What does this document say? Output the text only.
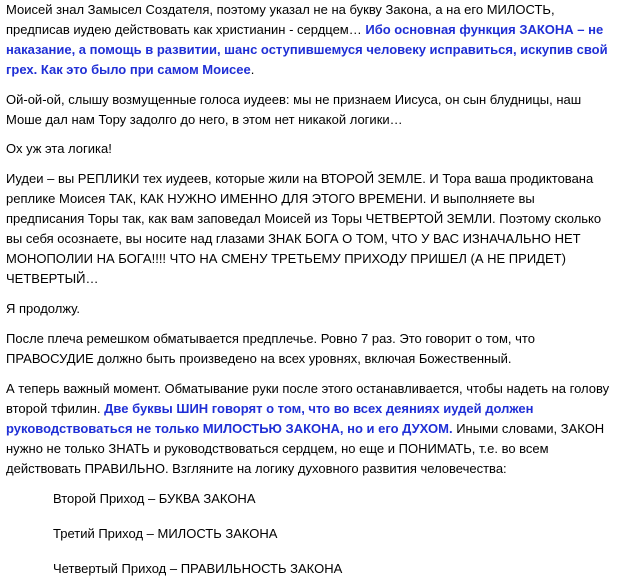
Моисей знал Замысел Создателя, поэтому указал не на букву Закона, а на его МИЛОСТЬ, предписав иудею действовать как христианин - сердцем… Ибо основная функция ЗАКОНА – не наказание, а помощь в развитии, шанс оступившемуся человеку исправиться, искупив свой грех. Как это было при самом Моисее.

Ой-ой-ой, слышу возмущенные голоса иудеев: мы не признаем Иисуса, он сын блудницы, наш Моше дал нам Тору задолго до него, в этом нет никакой логики…

Ох уж эта логика!

Иудеи – вы РЕПЛИКИ тех иудеев, которые жили на ВТОРОЙ ЗЕМЛЕ. И Тора ваша продиктована реплике Моисея ТАК, КАК НУЖНО ИМЕННО ДЛЯ ЭТОГО ВРЕМЕНИ. И выполняете вы предписания Торы так, как вам заповедал Моисей из Торы ЧЕТВЕРТОЙ ЗЕМЛИ. Поэтому сколько вы себя осознаете, вы носите над глазами ЗНАК БОГА О ТОМ, ЧТО У ВАС ИЗНАЧАЛЬНО НЕТ МОНОПОЛИИ НА БОГА!!!! ЧТО НА СМЕНУ ТРЕТЬЕМУ ПРИХОДУ ПРИШЕЛ (А НЕ ПРИДЕТ) ЧЕТВЕРТЫЙ…

Я продолжу.

После плеча ремешком обматывается предплечье. Ровно 7 раз. Это говорит о том, что ПРАВОСУДИЕ должно быть произведено на всех уровнях, включая Божественный.

А теперь важный момент. Обматывание руки после этого останавливается, чтобы надеть на голову второй тфилин. Две буквы ШИН говорят о том, что во всех деяниях иудей должен руководствоваться не только МИЛОСТЬЮ ЗАКОНА, но и его ДУХОМ. Иными словами, ЗАКОН нужно не только ЗНАТЬ и руководствоваться сердцем, но еще и ПОНИМАТЬ, т.е. во всем действовать ПРАВИЛЬНО. Взгляните на логику духовного развития человечества:

Второй Приход – БУКВА ЗАКОНА
Третий Приход – МИЛОСТЬ ЗАКОНА
Четвертый Приход – ПРАВИЛЬНОСТЬ ЗАКОНА
